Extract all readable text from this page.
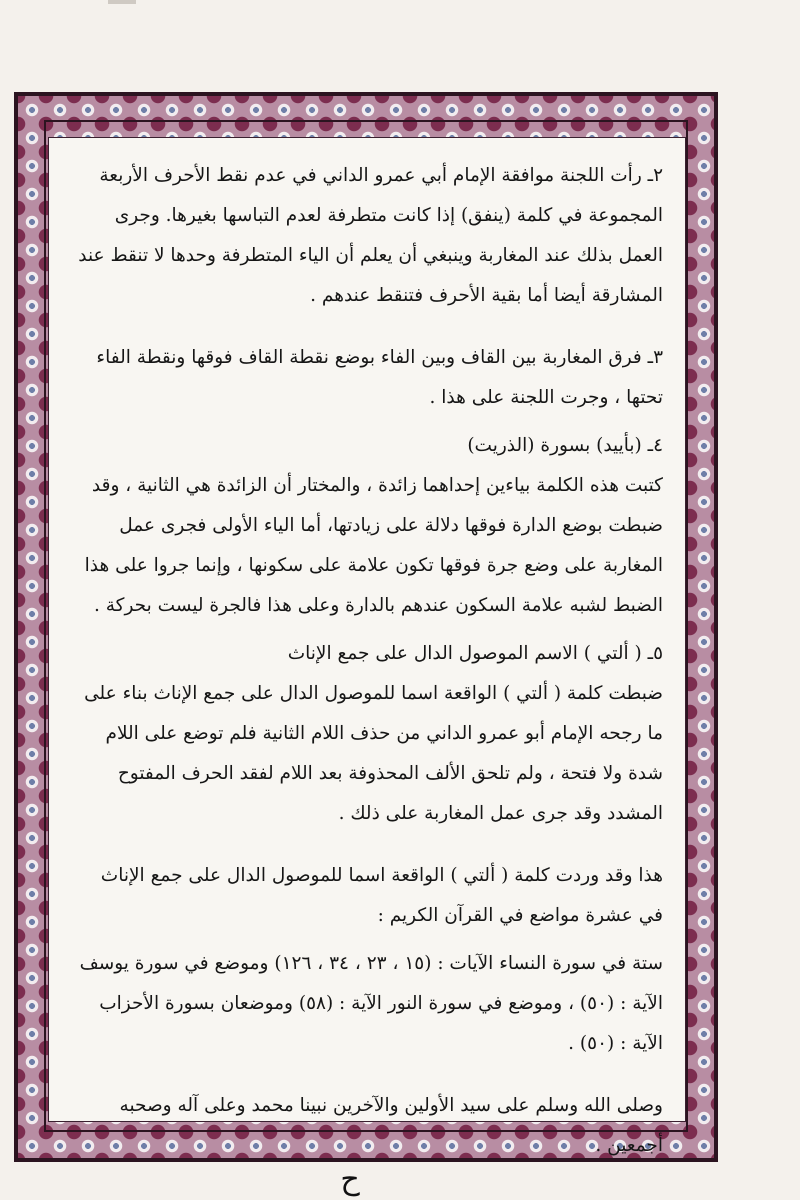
٢ـ رأت اللجنة موافقة الإمام أبي عمرو الداني في عدم نقط الأحرف الأربعة المجموعة في كلمة (ينفق) إذا كانت متطرفة لعدم التباسها بغيرها. وجرى العمل بذلك عند المغاربة وينبغي أن يعلم أن الياء المتطرفة وحدها لا تنقط عند المشارقة أيضا أما بقية الأحرف فتنقط عندهم .

٣ـ فرق المغاربة بين القاف وبين الفاء بوضع نقطة القاف فوقها ونقطة الفاء تحتها ، وجرت اللجنة على هذا .

٤ـ (بأييد) بسورة (الذريت)

كتبت هذه الكلمة بياءين إحداهما زائدة ، والمختار أن الزائدة هي الثانية ، وقد ضبطت بوضع الدارة فوقها دلالة على زيادتها، أما الياء الأولى فجرى عمل المغاربة على وضع جرة فوقها تكون علامة على سكونها ، وإنما جروا على هذا الضبط لشبه علامة السكون عندهم بالدارة وعلى هذا فالجرة ليست بحركة .

٥ـ ( ألتي ) الاسم الموصول الدال على جمع الإناث

ضبطت كلمة ( ألتي ) الواقعة اسما للموصول الدال على جمع الإناث بناء على ما رجحه الإمام أبو عمرو الداني من حذف اللام الثانية فلم توضع على اللام شدة ولا فتحة ، ولم تلحق الألف المحذوفة بعد اللام لفقد الحرف المفتوح المشدد وقد جرى عمل المغاربة على ذلك .

هذا وقد وردت كلمة ( ألتي ) الواقعة اسما للموصول الدال على جمع الإناث في عشرة مواضع في القرآن الكريم :

ستة في سورة النساء الآيات : (١٥ ، ٢٣ ، ٣٤ ، ١٢٦) وموضع في سورة يوسف الآية : (٥٠) ، وموضع في سورة النور الآية : (٥٨) وموضعان بسورة الأحزاب الآية : (٥٠) .

وصلى الله وسلم على سيد الأولين والآخرين نبينا محمد وعلى آله وصحبه أجمعين .

ح
